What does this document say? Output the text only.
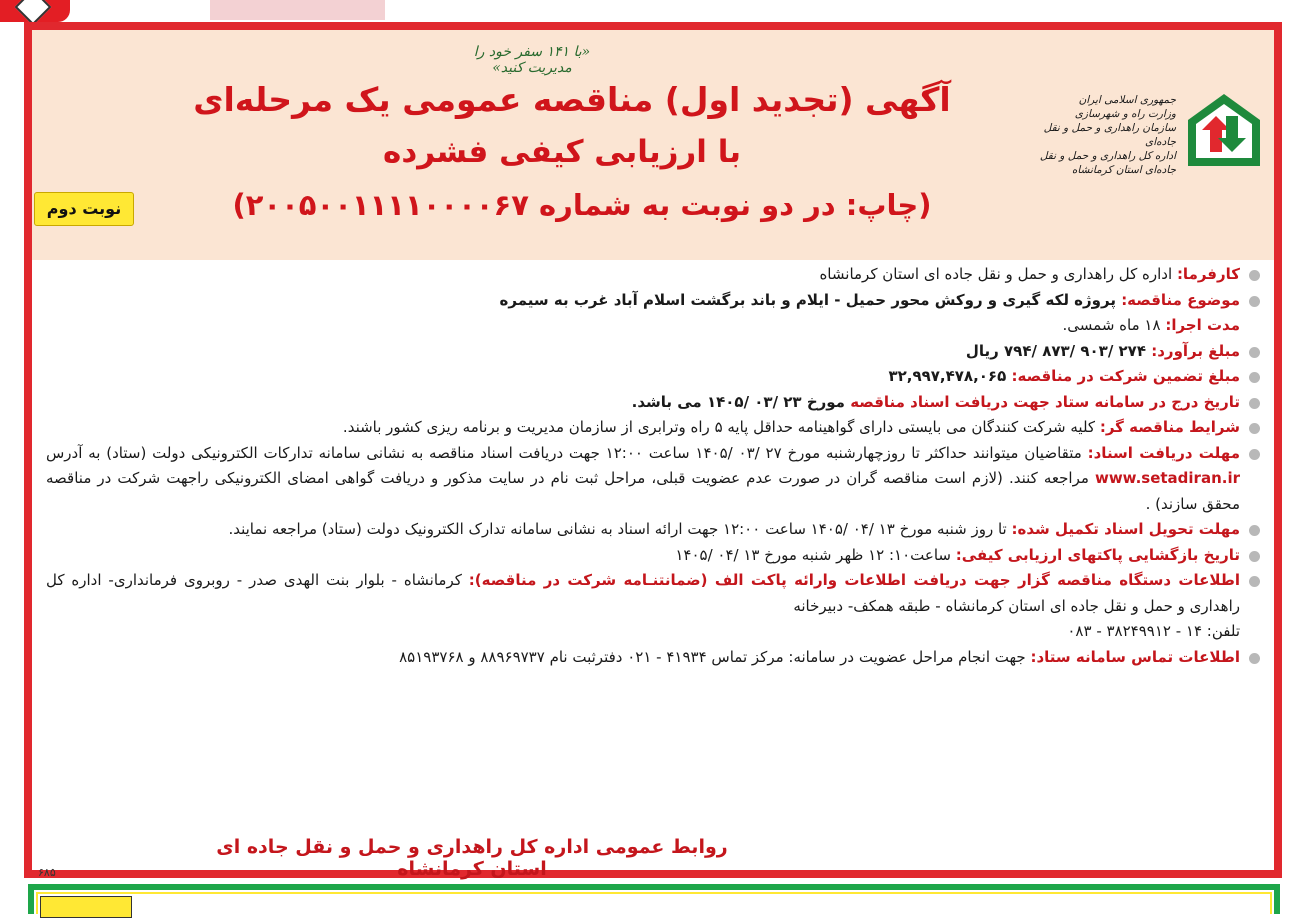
جمهوری اسلامی ایران
وزارت راه و شهرسازی
سازمان راهداری و حمل و نقل جاده‌ای
اداره کل راهداری و حمل و نقل جاده‌ای استان کرمانشاه
«با ۱۴۱ سفر خود را مدیریت کنید»
آگهی (تجدید اول) مناقصه عمومی یک مرحله‌ای
با ارزیابی کیفی فشرده
(چاپ: در دو نوبت به شماره ۲۰۰۵۰۰۱۱۱۱۰۰۰۰۶۷)
نوبت دوم
کارفرما: اداره کل راهداری و حمل و نقل جاده ای استان کرمانشاه
موضوع مناقصه: پروژه لکه گیری و روکش محور حمیل - ایلام و باند برگشت اسلام آباد غرب به سیمره
مدت اجرا: ۱۸ ماه شمسی.
مبلغ برآورد: ۲۷۴ /۹۰۳ /۸۷۳ /۷۹۴ ریال
مبلغ تضمین شرکت در مناقصه: ۳۲,۹۹۷,۴۷۸,۰۶۵
تاریخ درج در سامانه ستاد جهت دریافت اسناد مناقصه مورخ ۲۳ /۰۳ /۱۴۰۵ می باشد.
شرایط مناقصه گر: کلیه شرکت کنندگان می بایستی دارای گواهینامه حداقل پایه ۵ راه وترابری از سازمان مدیریت و برنامه ریزی کشور باشند.
مهلت دریافت اسناد: متقاضیان میتوانند حداکثر تا روزچهارشنبه مورخ ۲۷ /۰۳ /۱۴۰۵ ساعت ۱۲:۰۰ جهت دریافت اسناد مناقصه به نشانی سامانه تدارکات الکترونیکی دولت (ستاد) به آدرس www.setadiran.ir مراجعه کنند. (لازم است مناقصه گران در صورت عدم عضویت قبلی، مراحل ثبت نام در سایت مذکور و دریافت گواهی امضای الکترونیکی راجهت شرکت در مناقصه محقق سازند) .
مهلت تحویل اسناد تکمیل شده: تا روز شنبه مورخ ۱۳ /۰۴ /۱۴۰۵ ساعت ۱۲:۰۰ جهت ارائه اسناد به نشانی سامانه تدارک الکترونیک دولت (ستاد) مراجعه نمایند.
تاریخ بازگشایی پاکتهای ارزیابی کیفی: ساعت۱۰: ۱۲ ظهر شنبه مورخ ۱۳ /۰۴ /۱۴۰۵
اطلاعات دستگاه مناقصه گزار جهت دریافت اطلاعات وارائه پاکت الف (ضمانتنـامه شرکت در مناقصه): کرمانشاه - بلوار بنت الهدی صدر - روبروی فرمانداری- اداره کل راهداری و حمل و نقل جاده ای استان کرمانشاه - طبقه همکف- دبیرخانه
تلفن: ۱۴ - ۳۸۲۴۹۹۱۲ - ۰۸۳
اطلاعات تماس سامانه ستاد: جهت انجام مراحل عضویت در سامانه: مرکز تماس ۴۱۹۳۴ - ۰۲۱ دفترثبت نام ۸۸۹۶۹۷۳۷ و ۸۵۱۹۳۷۶۸
روابط عمومی اداره کل راهداری و حمل و نقل جاده ای استان کرمانشاه
۶۸۵
